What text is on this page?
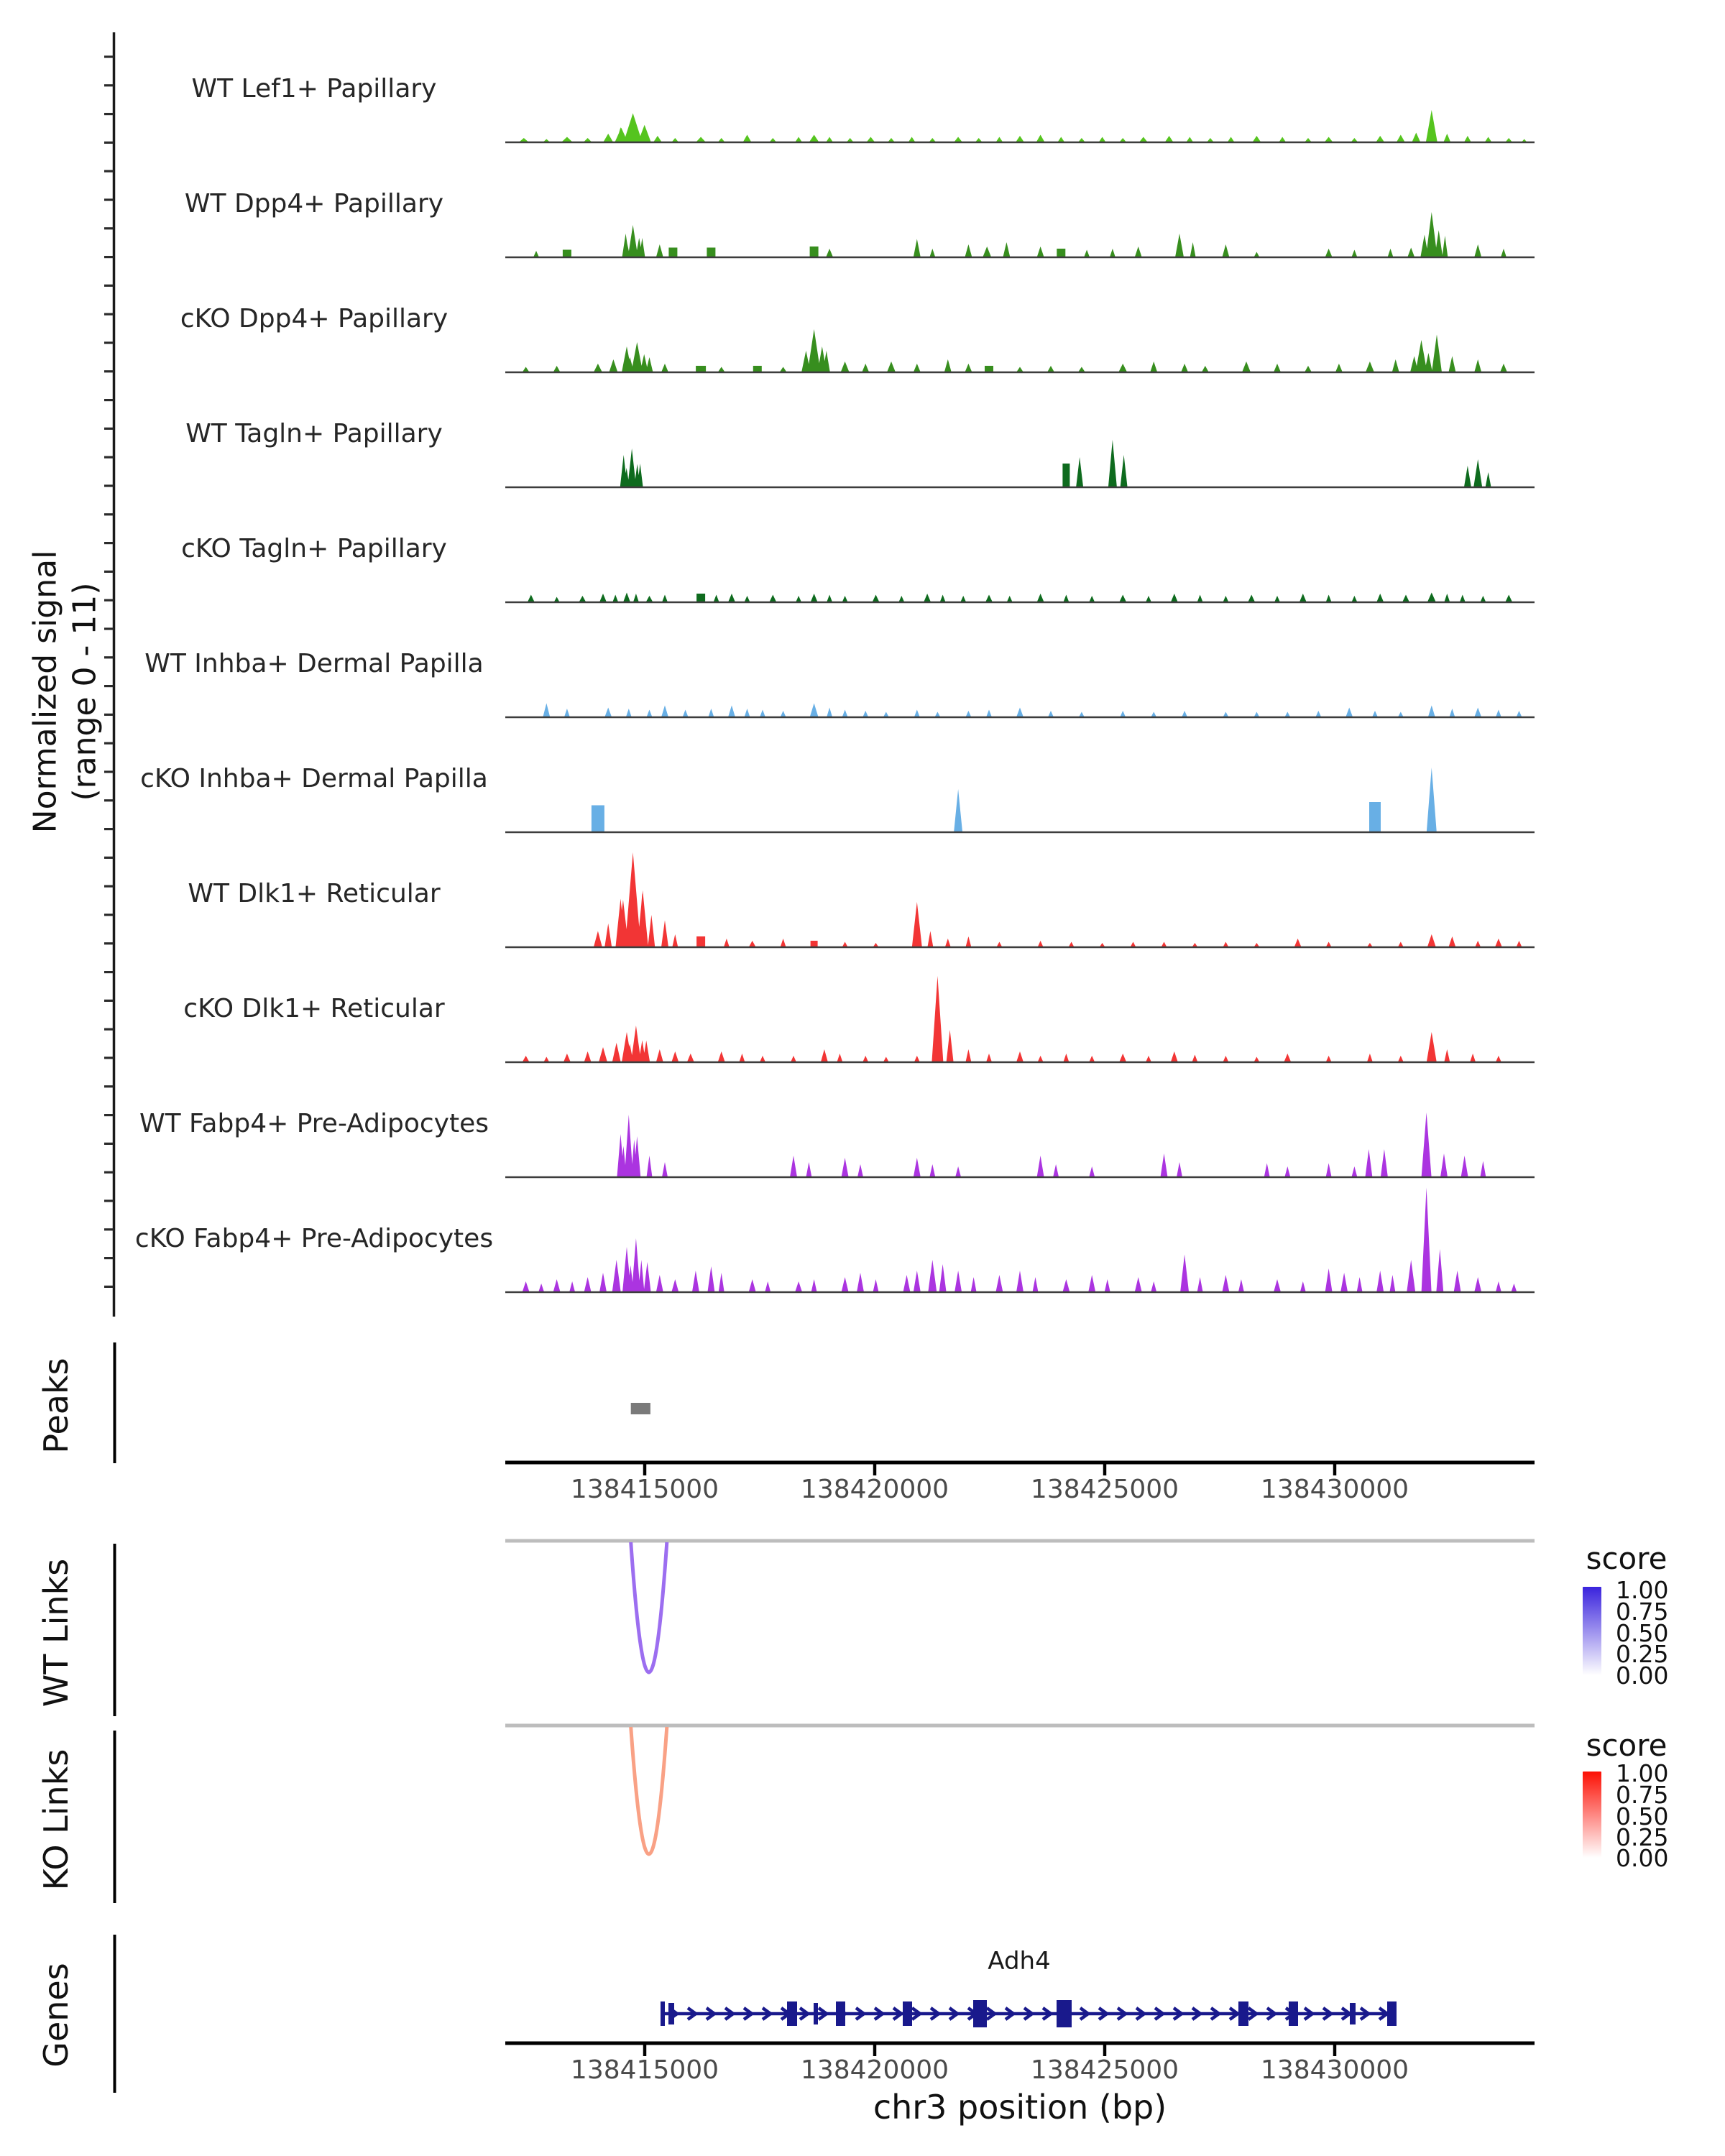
Normalized signal (range 0 - 11)
WT Lef1+ Papillary
WT Dpp4+ Papillary
cKO Dpp4+ Papillary
WT Tagln+ Papillary
cKO Tagln+ Papillary
WT Inhba+ Dermal Papilla
cKO Inhba+ Dermal Papilla
WT Dlk1+ Reticular
cKO Dlk1+ Reticular
WT Fabp4+ Pre-Adipocytes
cKO Fabp4+ Pre-Adipocytes
Peaks
WT Links
KO Links
Genes
138415000	138420000	138425000	138430000
138415000	138420000	138425000	138430000
score
1.00
0.75
0.50
0.25
0.00
score
1.00
0.75
0.50
0.25
0.00
Adh4
chr3 position (bp)
